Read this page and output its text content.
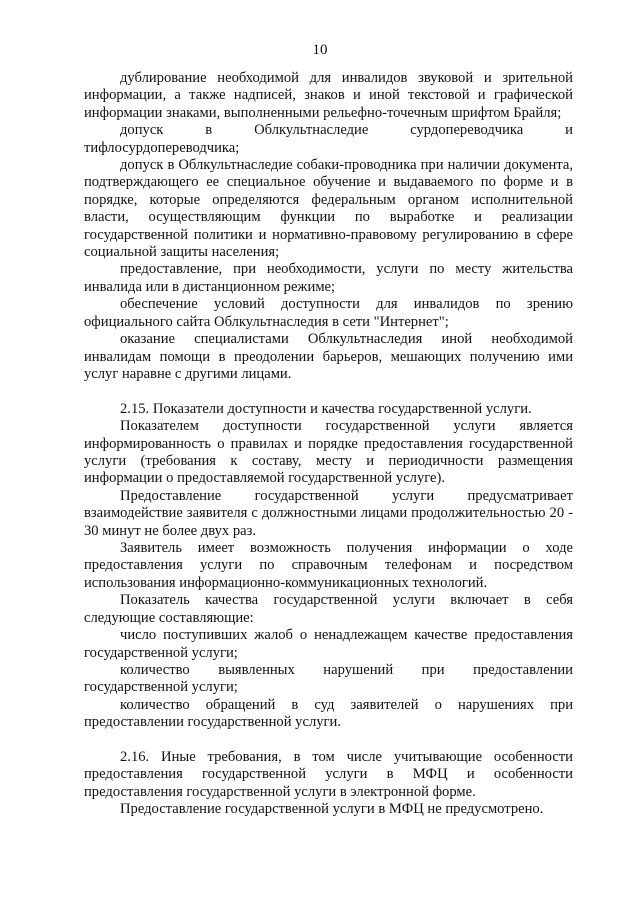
10

дублирование необходимой для инвалидов звуковой и зрительной информации, а также надписей, знаков и иной текстовой и графической информации знаками, выполненными рельефно-точечным шрифтом Брайля;

допуск в Облкультнаследие сурдопереводчика и тифлосурдопереводчика;

допуск в Облкультнаследие собаки-проводника при наличии документа, подтверждающего ее специальное обучение и выдаваемого по форме и в порядке, которые определяются федеральным органом исполнительной власти, осуществляющим функции по выработке и реализации государственной политики и нормативно-правовому регулированию в сфере социальной защиты населения;

предоставление, при необходимости, услуги по месту жительства инвалида или в дистанционном режиме;

обеспечение условий доступности для инвалидов по зрению официального сайта Облкультнаследия в сети "Интернет";

оказание специалистами Облкультнаследия иной необходимой инвалидам помощи в преодолении барьеров, мешающих получению ими услуг наравне с другими лицами.

2.15. Показатели доступности и качества государственной услуги.

Показателем доступности государственной услуги является информированность о правилах и порядке предоставления государственной услуги (требования к составу, месту и периодичности размещения информации о предоставляемой государственной услуге).

Предоставление государственной услуги предусматривает взаимодействие заявителя с должностными лицами продолжительностью 20 - 30 минут не более двух раз.

Заявитель имеет возможность получения информации о ходе предоставления услуги по справочным телефонам и посредством использования информационно-коммуникационных технологий.

Показатель качества государственной услуги включает в себя следующие составляющие:

число поступивших жалоб о ненадлежащем качестве предоставления государственной услуги;

количество выявленных нарушений при предоставлении государственной услуги;

количество обращений в суд заявителей о нарушениях при предоставлении государственной услуги.

2.16. Иные требования, в том числе учитывающие особенности предоставления государственной услуги в МФЦ и особенности предоставления государственной услуги в электронной форме.

Предоставление государственной услуги в МФЦ не предусмотрено.
